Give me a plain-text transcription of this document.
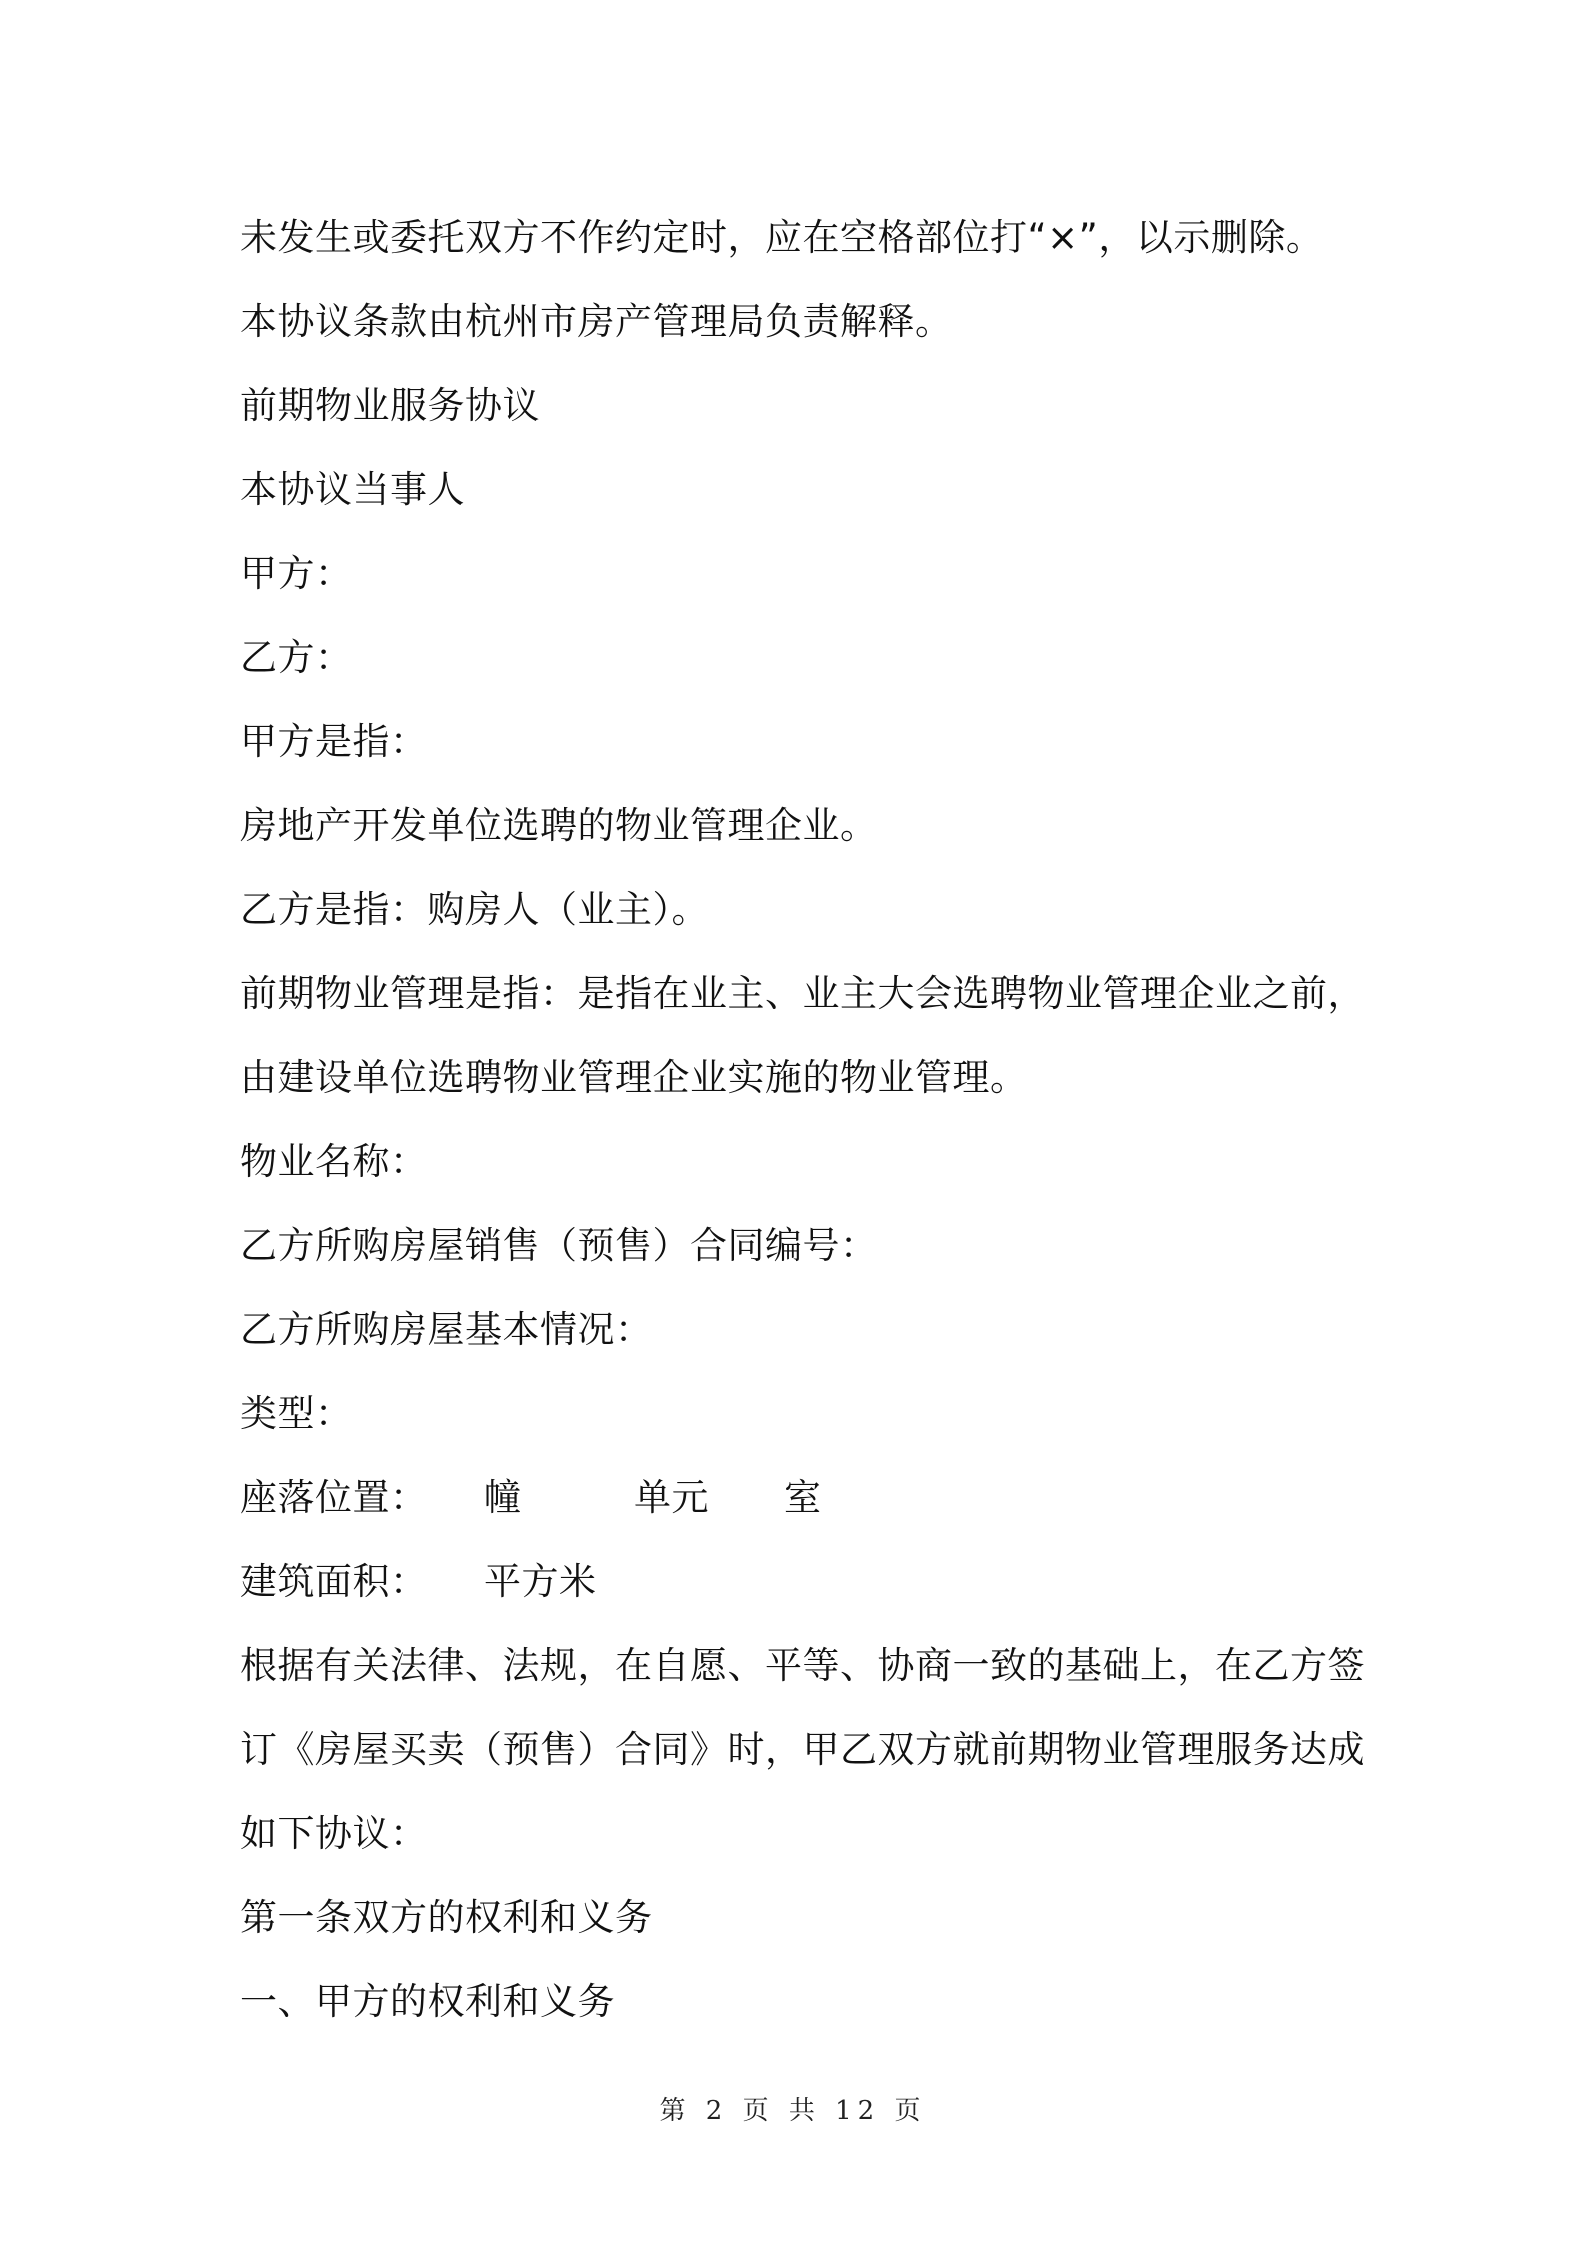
未发生或委托双方不作约定时，应在空格部位打“×”，以示删除。
本协议条款由杭州市房产管理局负责解释。
前期物业服务协议
本协议当事人
甲方：
乙方：
甲方是指：
房地产开发单位选聘的物业管理企业。
乙方是指：购房人（业主）。
前期物业管理是指：是指在业主、业主大会选聘物业管理企业之前，
由建设单位选聘物业管理企业实施的物业管理。
物业名称：
乙方所购房屋销售（预售）合同编号：
乙方所购房屋基本情况：
类型：
座落位置：　　幢　　　单元　　室
建筑面积：　　平方米
根据有关法律、法规，在自愿、平等、协商一致的基础上，在乙方签
订《房屋买卖（预售）合同》时，甲乙双方就前期物业管理服务达成
如下协议：
第一条双方的权利和义务
一、甲方的权利和义务
第 2 页 共 12 页
